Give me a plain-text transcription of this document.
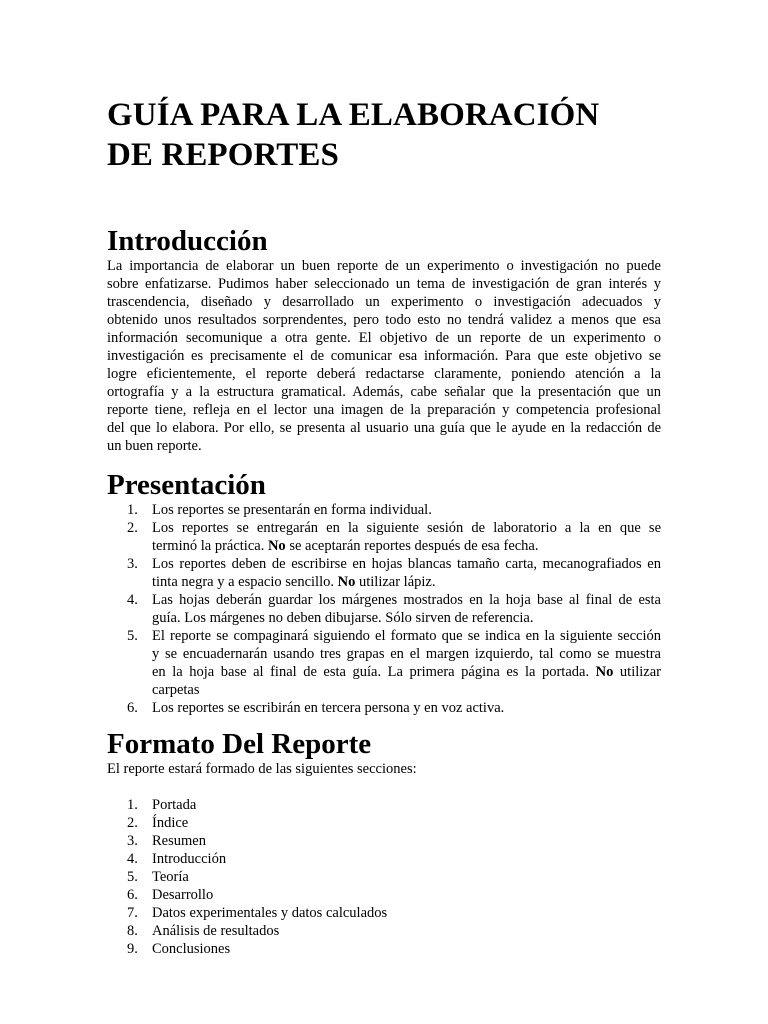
GUÍA PARA LA ELABORACIÓN
DE REPORTES
Introducción
La importancia de elaborar un buen reporte de un experimento o investigación no puede
sobre enfatizarse. Pudimos haber seleccionado un tema de investigación de gran interés y
trascendencia, diseñado y desarrollado un experimento o investigación adecuados y
obtenido unos resultados sorprendentes, pero todo esto no tendrá validez a menos que esa
información secomunique a otra gente. El objetivo de un reporte de un experimento o
investigación es precisamente el de comunicar esa información. Para que este objetivo se
logre eficientemente, el reporte deberá redactarse claramente, poniendo atención a la
ortografía y a la estructura gramatical. Además, cabe señalar que la presentación que un
reporte tiene, refleja en el lector una imagen de la preparación y competencia profesional
del que lo elabora. Por ello, se presenta al usuario una guía que le ayude en la redacción de
un buen reporte.
Presentación
1. Los reportes se presentarán en forma individual.
2. Los reportes se entregarán en la siguiente sesión de laboratorio a la en que se
terminó la práctica. No se aceptarán reportes después de esa fecha.
3. Los reportes deben de escribirse en hojas blancas tamaño carta, mecanografiados en
tinta negra y a espacio sencillo. No utilizar lápiz.
4. Las hojas deberán guardar los márgenes mostrados en la hoja base al final de esta
guía. Los márgenes no deben dibujarse. Sólo sirven de referencia.
5. El reporte se compaginará siguiendo el formato que se indica en la siguiente sección
y se encuadernarán usando tres grapas en el margen izquierdo, tal como se muestra
en la hoja base al final de esta guía. La primera página es la portada. No utilizar
carpetas
6. Los reportes se escribirán en tercera persona y en voz activa.
Formato Del Reporte

El reporte estará formado de las siguientes secciones:

1. Portada
2. Índice
3. Resumen
4. Introducción
5. Teoría
6. Desarrollo
7. Datos experimentales y datos calculados
8. Análisis de resultados
9. Conclusiones
